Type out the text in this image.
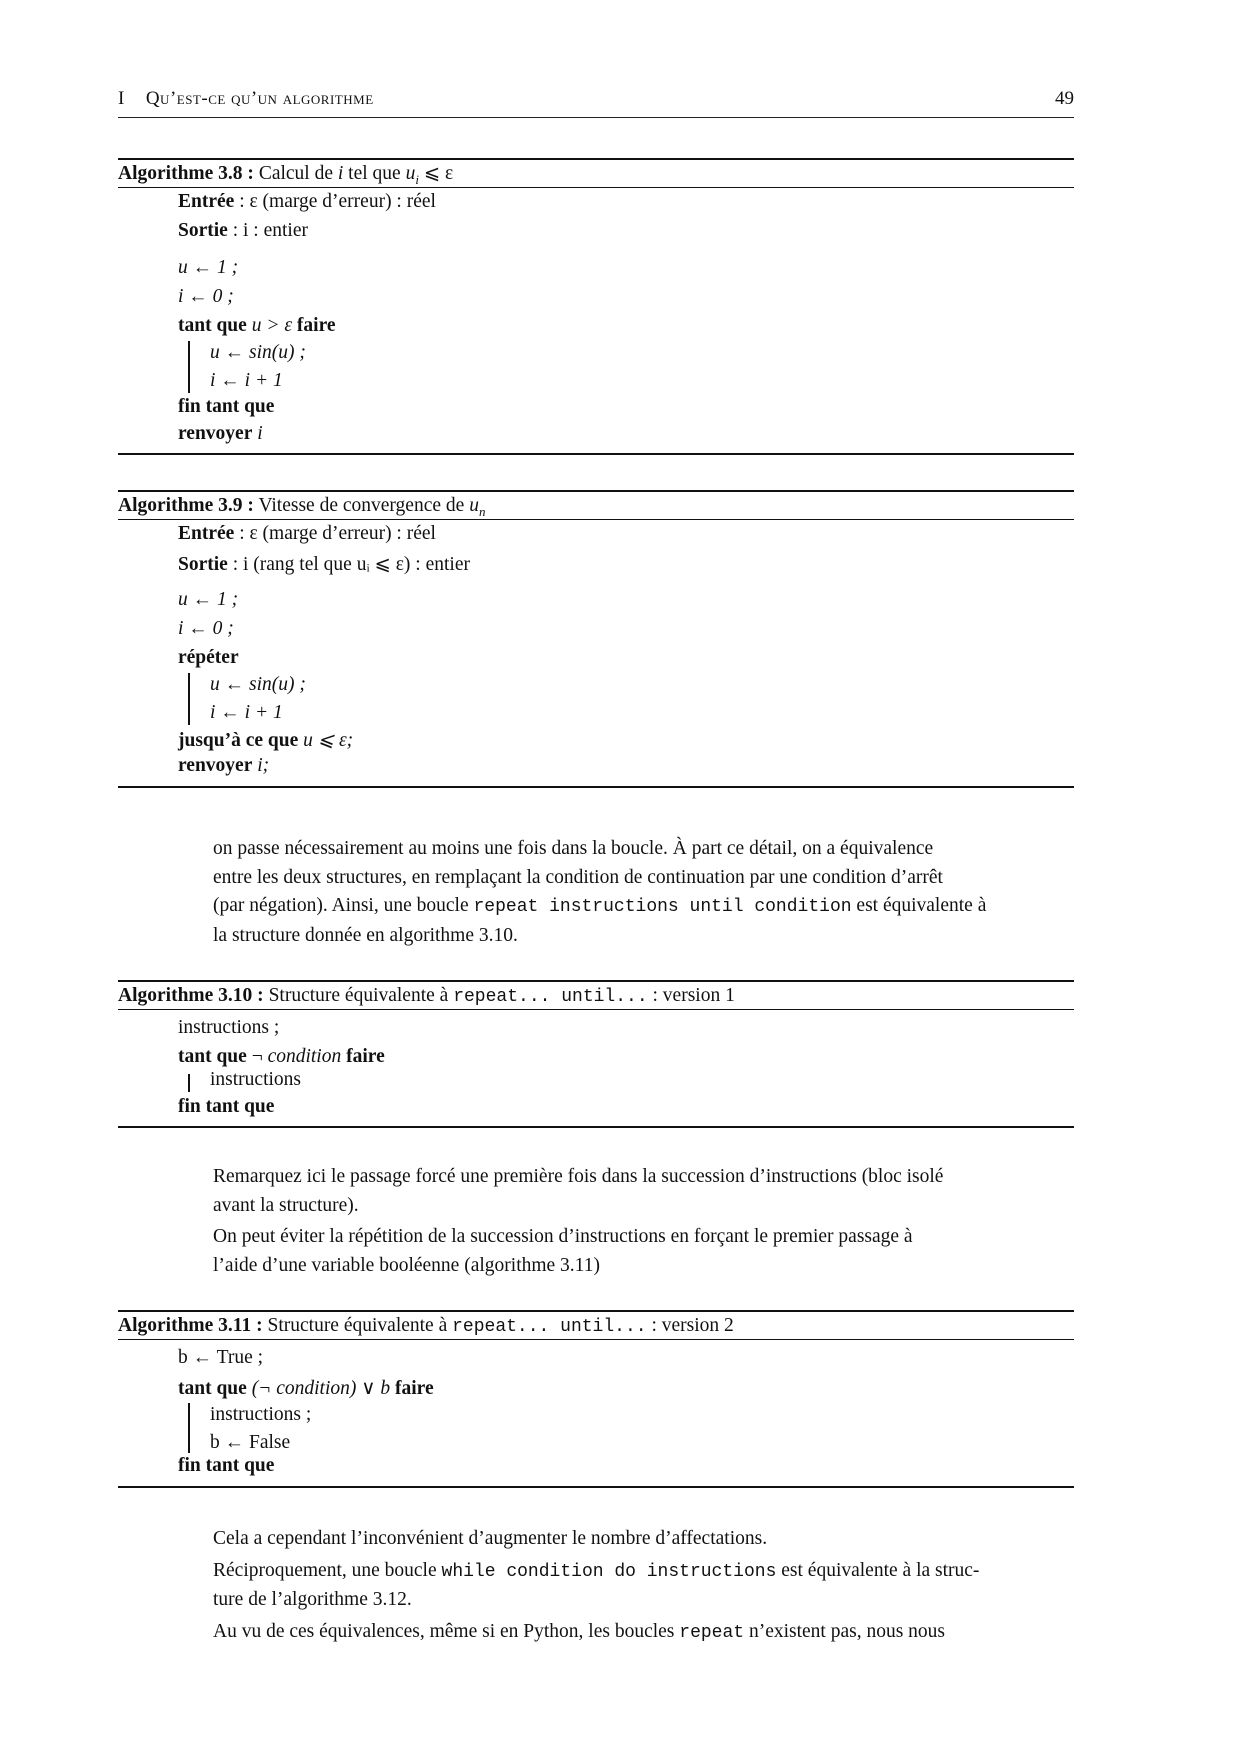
I Qu’est-ce qu’un algorithme	49
Algorithme 3.8 : Calcul de i tel que $u_i$ ⩽ ε
Entrée : ε (marge d’erreur) : réel
Sortie : i : entier
u ← 1 ;
i ← 0 ;
tant que u > ε faire
u ← sin(u) ;
i ← i + 1
fin tant que
renvoyer i
Algorithme 3.9 : Vitesse de convergence de $u_n$
Entrée : ε (marge d’erreur) : réel
Sortie : i (rang tel que uᵢ ⩽ ε) : entier
u ← 1 ;
i ← 0 ;
répéter
u ← sin(u) ;
i ← i + 1
jusqu’à ce que u ⩽ ε;
renvoyer i;
on passe nécessairement au moins une fois dans la boucle. À part ce détail, on a équivalence
entre les deux structures, en remplaçant la condition de continuation par une condition d’arrêt
(par négation). Ainsi, une boucle repeat instructions until condition est équivalente à
la structure donnée en algorithme 3.10.
Algorithme 3.10 : Structure équivalente à repeat... until... : version 1
instructions ;
tant que ¬ condition faire
instructions
fin tant que
Remarquez ici le passage forcé une première fois dans la succession d’instructions (bloc isolé
avant la structure).
On peut éviter la répétition de la succession d’instructions en forçant le premier passage à
l’aide d’une variable booléenne (algorithme 3.11)
Algorithme 3.11 : Structure équivalente à repeat... until... : version 2
b ← True ;
tant que (¬ condition) ∨ b faire
instructions ;
b ← False
fin tant que
Cela a cependant l’inconvénient d’augmenter le nombre d’affectations.
Réciproquement, une boucle while condition do instructions est équivalente à la struc-
ture de l’algorithme 3.12.
Au vu de ces équivalences, même si en Python, les boucles repeat n’existent pas, nous nous
